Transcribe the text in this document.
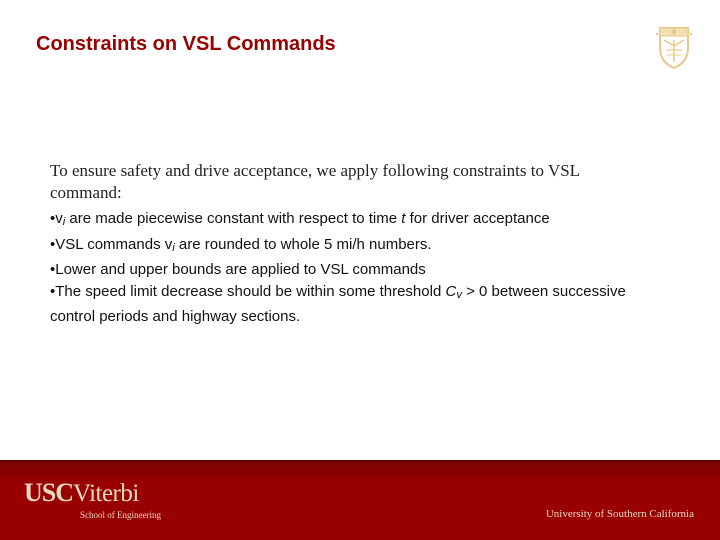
Constraints on VSL Commands
To ensure safety and drive acceptance, we apply following constraints to VSL command:

•vi are made piecewise constant with respect to time t for driver acceptance

•VSL commands vi are rounded to whole 5 mi/h numbers.

•Lower and upper bounds are applied to VSL commands

•The speed limit decrease should be within some threshold Cv > 0 between successive control periods and highway sections.

USCViterbi
School of Engineering	University of Southern California
